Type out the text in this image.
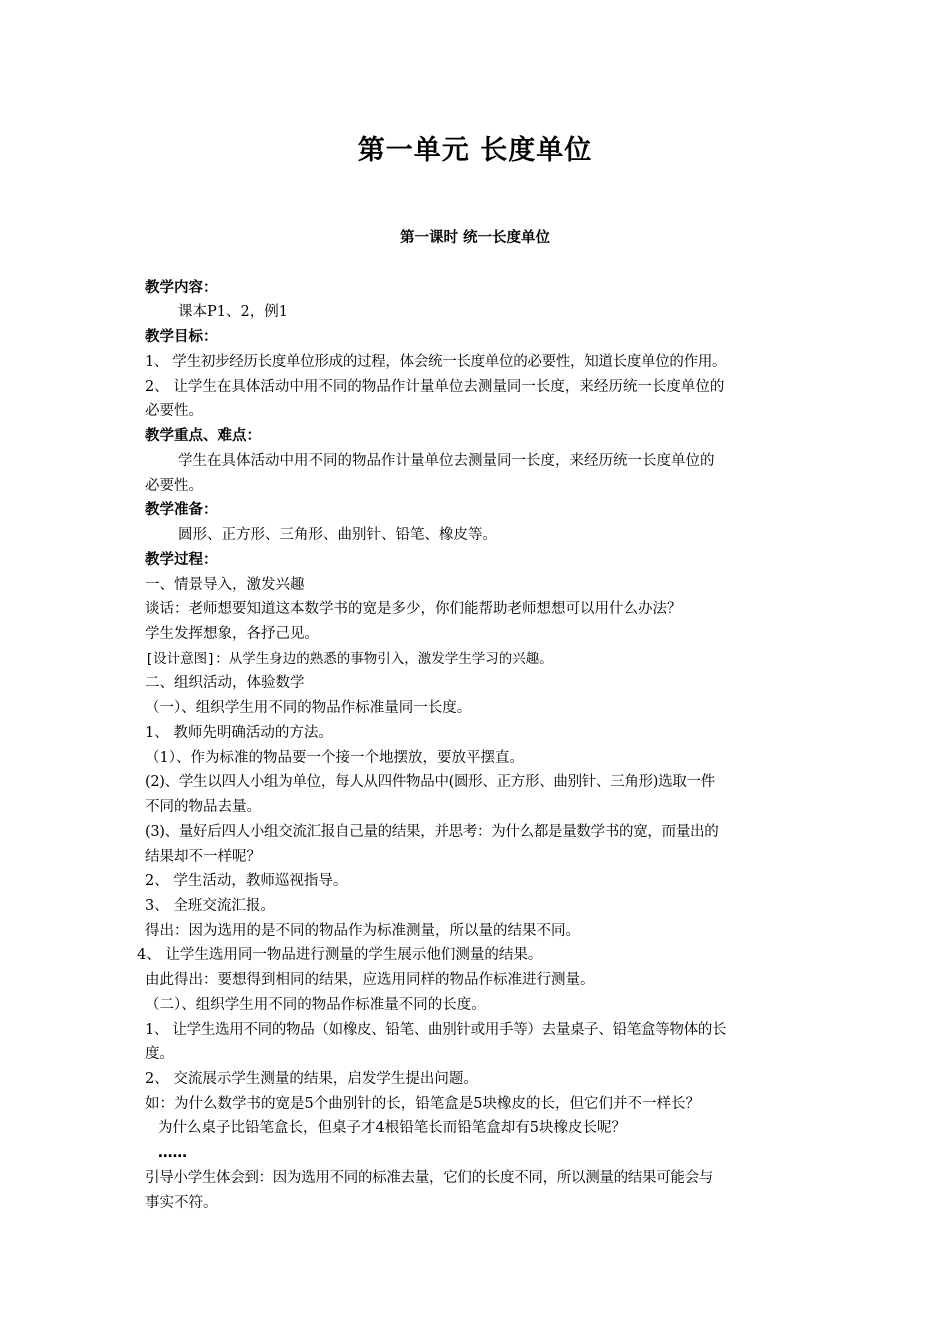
第一单元 长度单位
第一课时 统一长度单位
教学内容：
课本P1、2，例1
教学目标：
1、 学生初步经历长度单位形成的过程，体会统一长度单位的必要性，知道长度单位的作用。
2、 让学生在具体活动中用不同的物品作计量单位去测量同一长度，来经历统一长度单位的
必要性。
教学重点、难点：
学生在具体活动中用不同的物品作计量单位去测量同一长度，来经历统一长度单位的
必要性。
教学准备：
圆形、正方形、三角形、曲别针、铅笔、橡皮等。
教学过程：
一、情景导入，激发兴趣
谈话：老师想要知道这本数学书的宽是多少，你们能帮助老师想想可以用什么办法？
学生发挥想象，各抒己见。
[设计意图]：从学生身边的熟悉的事物引入，激发学生学习的兴趣。
二、组织活动，体验数学
（一）、组织学生用不同的物品作标准量同一长度。
1、 教师先明确活动的方法。
（1）、作为标准的物品要一个接一个地摆放，要放平摆直。
(2)、学生以四人小组为单位，每人从四件物品中(圆形、正方形、曲别针、三角形)选取一件
不同的物品去量。
(3)、量好后四人小组交流汇报自己量的结果，并思考：为什么都是量数学书的宽，而量出的
结果却不一样呢？
2、 学生活动，教师巡视指导。
3、 全班交流汇报。
得出：因为选用的是不同的物品作为标准测量，所以量的结果不同。
4、 让学生选用同一物品进行测量的学生展示他们测量的结果。
由此得出：要想得到相同的结果，应选用同样的物品作标准进行测量。
（二）、组织学生用不同的物品作标准量不同的长度。
1、 让学生选用不同的物品（如橡皮、铅笔、曲别针或用手等）去量桌子、铅笔盒等物体的长
度。
2、 交流展示学生测量的结果，启发学生提出问题。
如：为什么数学书的宽是5个曲别针的长，铅笔盒是5块橡皮的长，但它们并不一样长？
为什么桌子比铅笔盒长，但桌子才4根铅笔长而铅笔盒却有5块橡皮长呢？
……
引导小学生体会到：因为选用不同的标准去量，它们的长度不同，所以测量的结果可能会与
事实不符。
